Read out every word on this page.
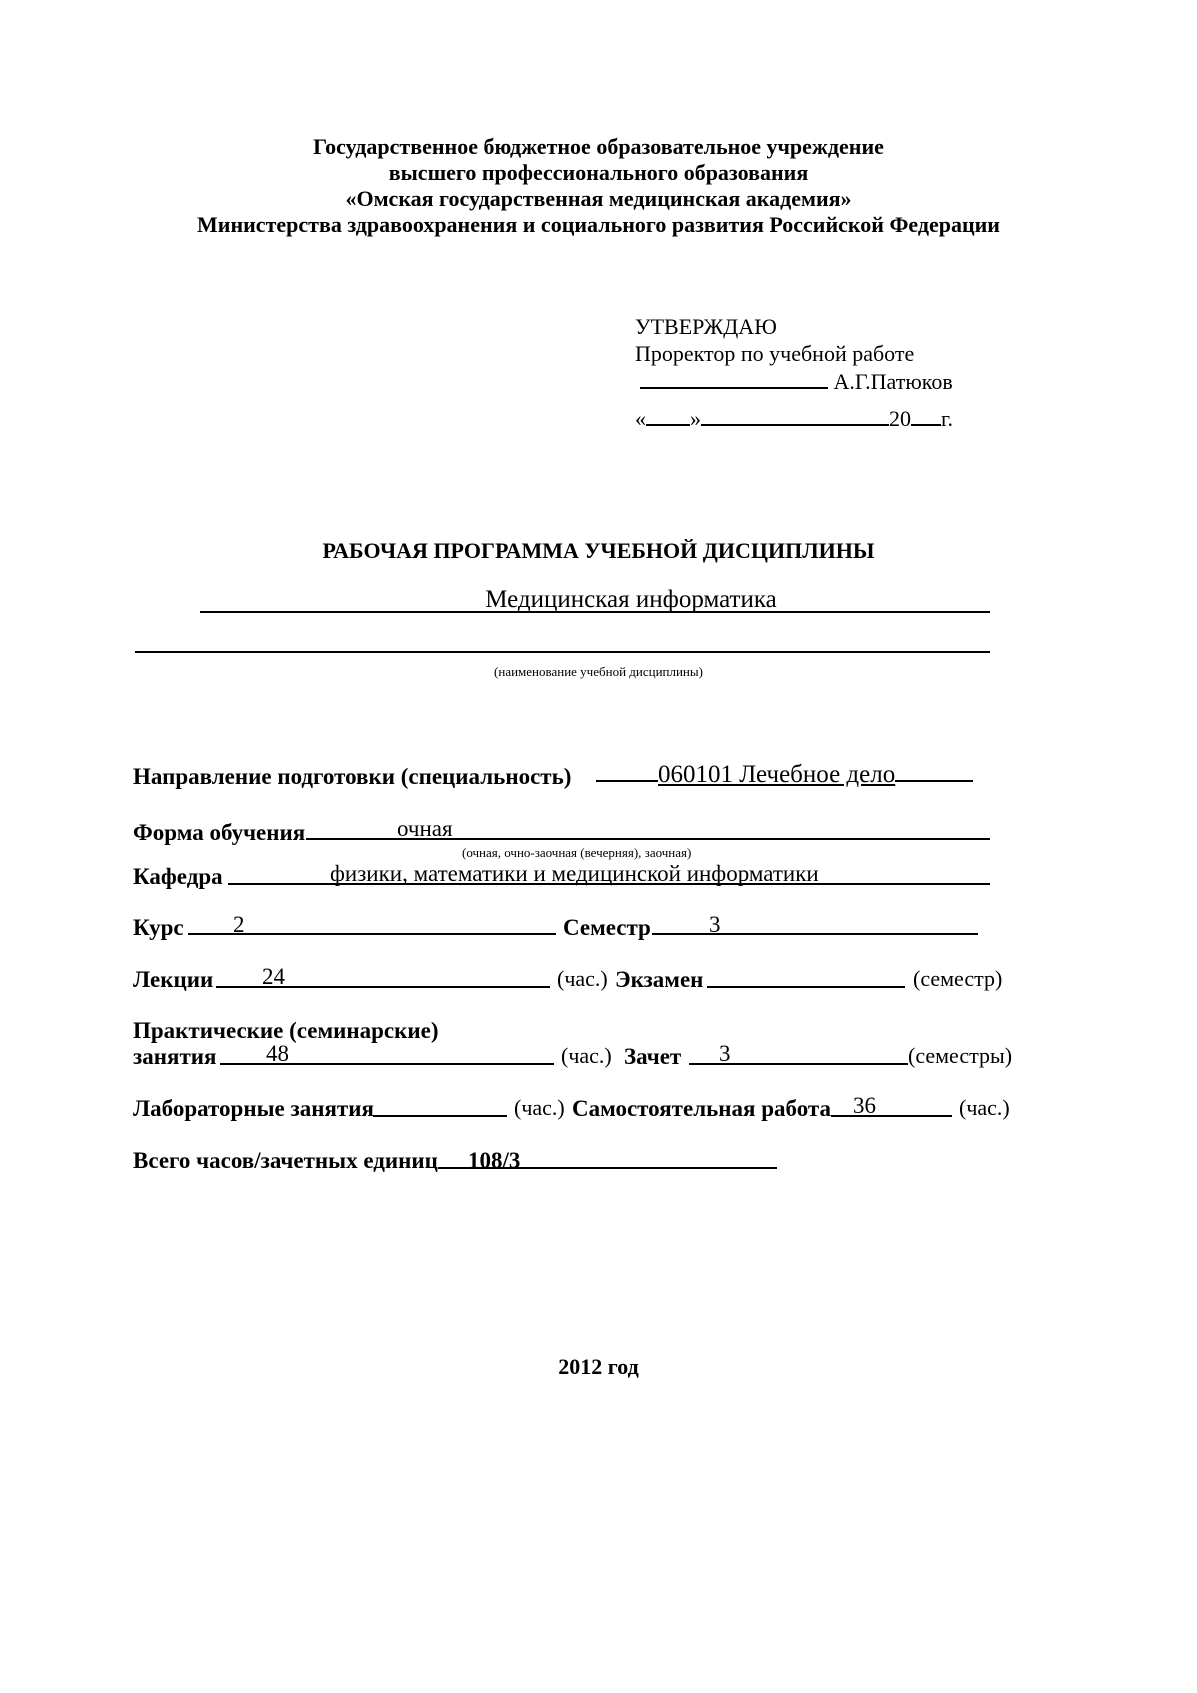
Государственное бюджетное образовательное учреждение
высшего профессионального образования
«Омская государственная медицинская академия»
Министерства здравоохранения и социального развития Российской Федерации
УТВЕРЖДАЮ
Проректор по учебной работе
А.Г.Патюков
« »	20 г.
РАБОЧАЯ ПРОГРАММА УЧЕБНОЙ ДИСЦИПЛИНЫ
Медицинская информатика
(наименование учебной дисциплины)
Направление подготовки (специальность)	060101 Лечебное дело
Форма обучения	очная
(очная, очно-заочная (вечерняя), заочная)
Кафедра	физики, математики и медицинской информатики
Курс 2	Семестр	3
Лекции 24	(час.) Экзамен	(семестр)
Практические (семинарские)
занятия 48	(час.) Зачет 3	(семестры)
Лабораторные занятия	(час.) Самостоятельная работа 36	(час.)
Всего часов/зачетных единиц 108/3
2012 год
